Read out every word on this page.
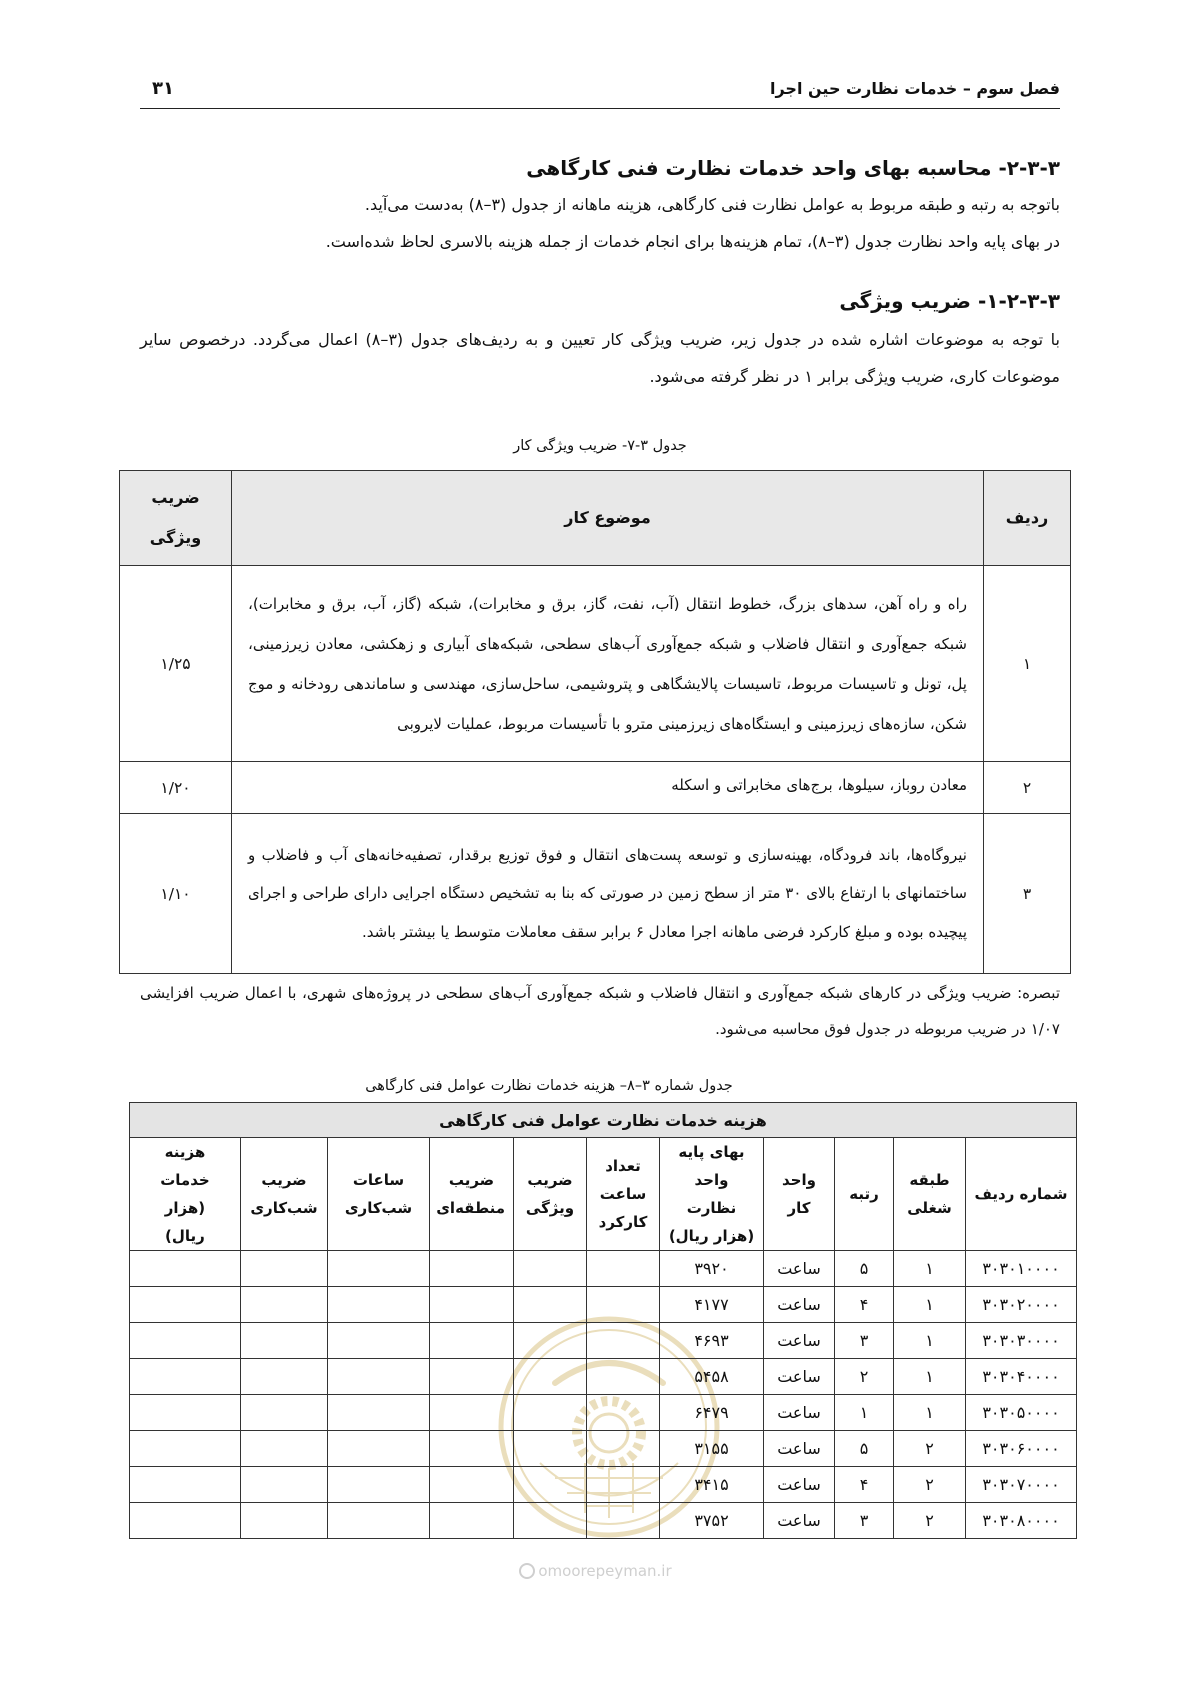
فصل سوم – خدمات نظارت حین اجرا
۳۱
omoorepeyman.ir
۲-۳-۳- محاسبه بهای واحد خدمات نظارت فنی کارگاهی

باتوجه به رتبه و طبقه مربوط به عوامل نظارت فنی کارگاهی، هزینه ماهانه از جدول (۳–۸) به‌دست می‌آید.

در بهای پایه واحد نظارت جدول (۳–۸)، تمام هزینه‌ها برای انجام خدمات از جمله هزینه بالاسری لحاظ شده‌است.

۱-۲-۳-۳- ضریب ویژگی

با توجه به موضوعات اشاره شده در جدول زیر، ضریب ویژگی کار تعیین و به ردیف‌های جدول (۳–۸) اعمال می‌گردد. درخصوص سایر موضوعات کاری، ضریب ویژگی برابر ۱ در نظر گرفته می‌شود.

جدول ۳-۷- ضریب ویژگی کار
ردیف	موضوع کار	ضریب ویژگی
۱	راه و راه آهن، سدهای بزرگ، خطوط انتقال (آب، نفت، گاز، برق و مخابرات)، شبکه (گاز، آب، برق و مخابرات)، شبکه جمع‌آوری و انتقال فاضلاب و شبکه جمع‌آوری آب‌های سطحی، شبکه‌های آبیاری و زهکشی، معادن زیرزمینی، پل، تونل و تاسیسات مربوط، تاسیسات پالایشگاهی و پتروشیمی، ساحل‌سازی، مهندسی و ساماندهی رودخانه و موج شکن، سازه‌های زیرزمینی و ایستگاه‌های زیرزمینی مترو با تأسیسات مربوط، عملیات لایروبی	۱/۲۵
۲	معادن روباز، سیلوها، برج‌های مخابراتی و اسکله	۱/۲۰
۳	نیروگاه‌ها، باند فرودگاه، بهینه‌سازی و توسعه پست‌های انتقال و فوق توزیع برقدار، تصفیه‌خانه‌های آب و فاضلاب و ساختمانهای با ارتفاع بالای ۳۰ متر از سطح زمین در صورتی که بنا به تشخیص دستگاه اجرایی دارای طراحی و اجرای پیچیده بوده و مبلغ کارکرد فرضی ماهانه اجرا معادل ۶ برابر سقف معاملات متوسط یا بیشتر باشد.	۱/۱۰

تبصره: ضریب ویژگی در کارهای شبکه جمع‌آوری و انتقال فاضلاب و شبکه جمع‌آوری آب‌های سطحی در پروژه‌های شهری، با اعمال ضریب افزایشی ۱/۰۷ در ضریب مربوطه در جدول فوق محاسبه می‌شود.

جدول شماره ۳–۸– هزینه خدمات نظارت عوامل فنی کارگاهی
هزینه خدمات نظارت عوامل فنی کارگاهی										
شماره ردیف	طبقه شغلی	رتبه	واحد کار	بهای پایه واحد نظارت (هزار ریال)	تعداد ساعت کارکرد	ضریب ویژگی	ضریب منطقه‌ای	ساعات شب‌کاری	ضریب شب‌کاری	هزینه خدمات (هزار ریال)
۳۰۳۰۱۰۰۰۰	۱	۵	ساعت	۳۹۲۰						
۳۰۳۰۲۰۰۰۰	۱	۴	ساعت	۴۱۷۷						
۳۰۳۰۳۰۰۰۰	۱	۳	ساعت	۴۶۹۳						
۳۰۳۰۴۰۰۰۰	۱	۲	ساعت	۵۴۵۸						
۳۰۳۰۵۰۰۰۰	۱	۱	ساعت	۶۴۷۹						
۳۰۳۰۶۰۰۰۰	۲	۵	ساعت	۳۱۵۵						
۳۰۳۰۷۰۰۰۰	۲	۴	ساعت	۳۴۱۵						
۳۰۳۰۸۰۰۰۰	۲	۳	ساعت	۳۷۵۲						
